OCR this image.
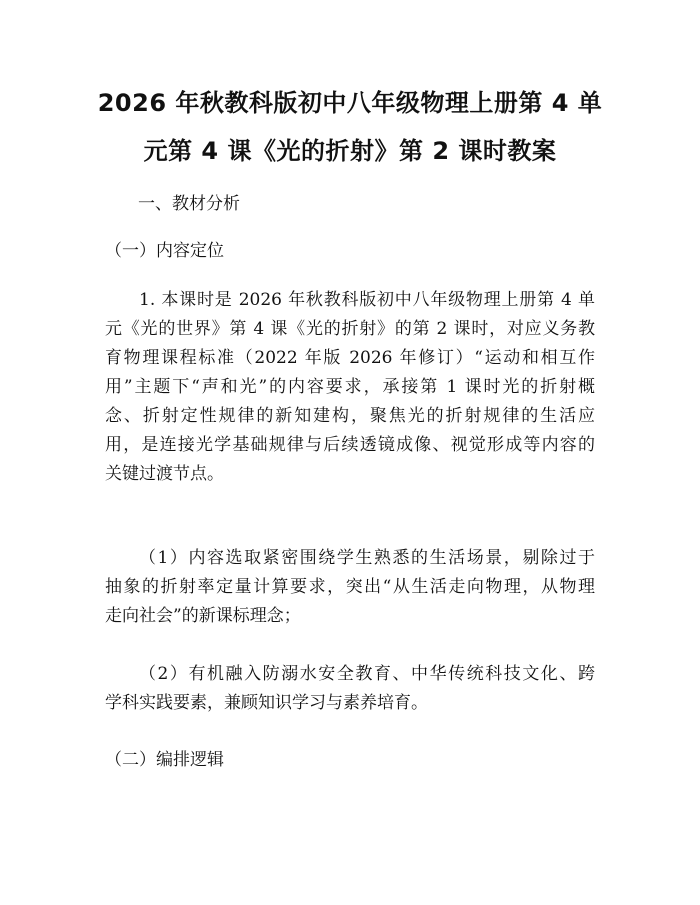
2026 年秋教科版初中八年级物理上册第 4 单
元第 4 课《光的折射》第 2 课时教案

一、教材分析

（一）内容定位

1. 本课时是 2026 年秋教科版初中八年级物理上册第 4 单
元《光的世界》第 4 课《光的折射》的第 2 课时，对应义务教
育物理课程标准（2022 年版 2026 年修订）“运动和相互作
用”主题下“声和光”的内容要求，承接第 1 课时光的折射概
念、折射定性规律的新知建构，聚焦光的折射规律的生活应
用，是连接光学基础规律与后续透镜成像、视觉形成等内容的
关键过渡节点。
（1）内容选取紧密围绕学生熟悉的生活场景，剔除过于
抽象的折射率定量计算要求，突出“从生活走向物理，从物理
走向社会”的新课标理念；
（2）有机融入防溺水安全教育、中华传统科技文化、跨
学科实践要素，兼顾知识学习与素养培育。

（二）编排逻辑
